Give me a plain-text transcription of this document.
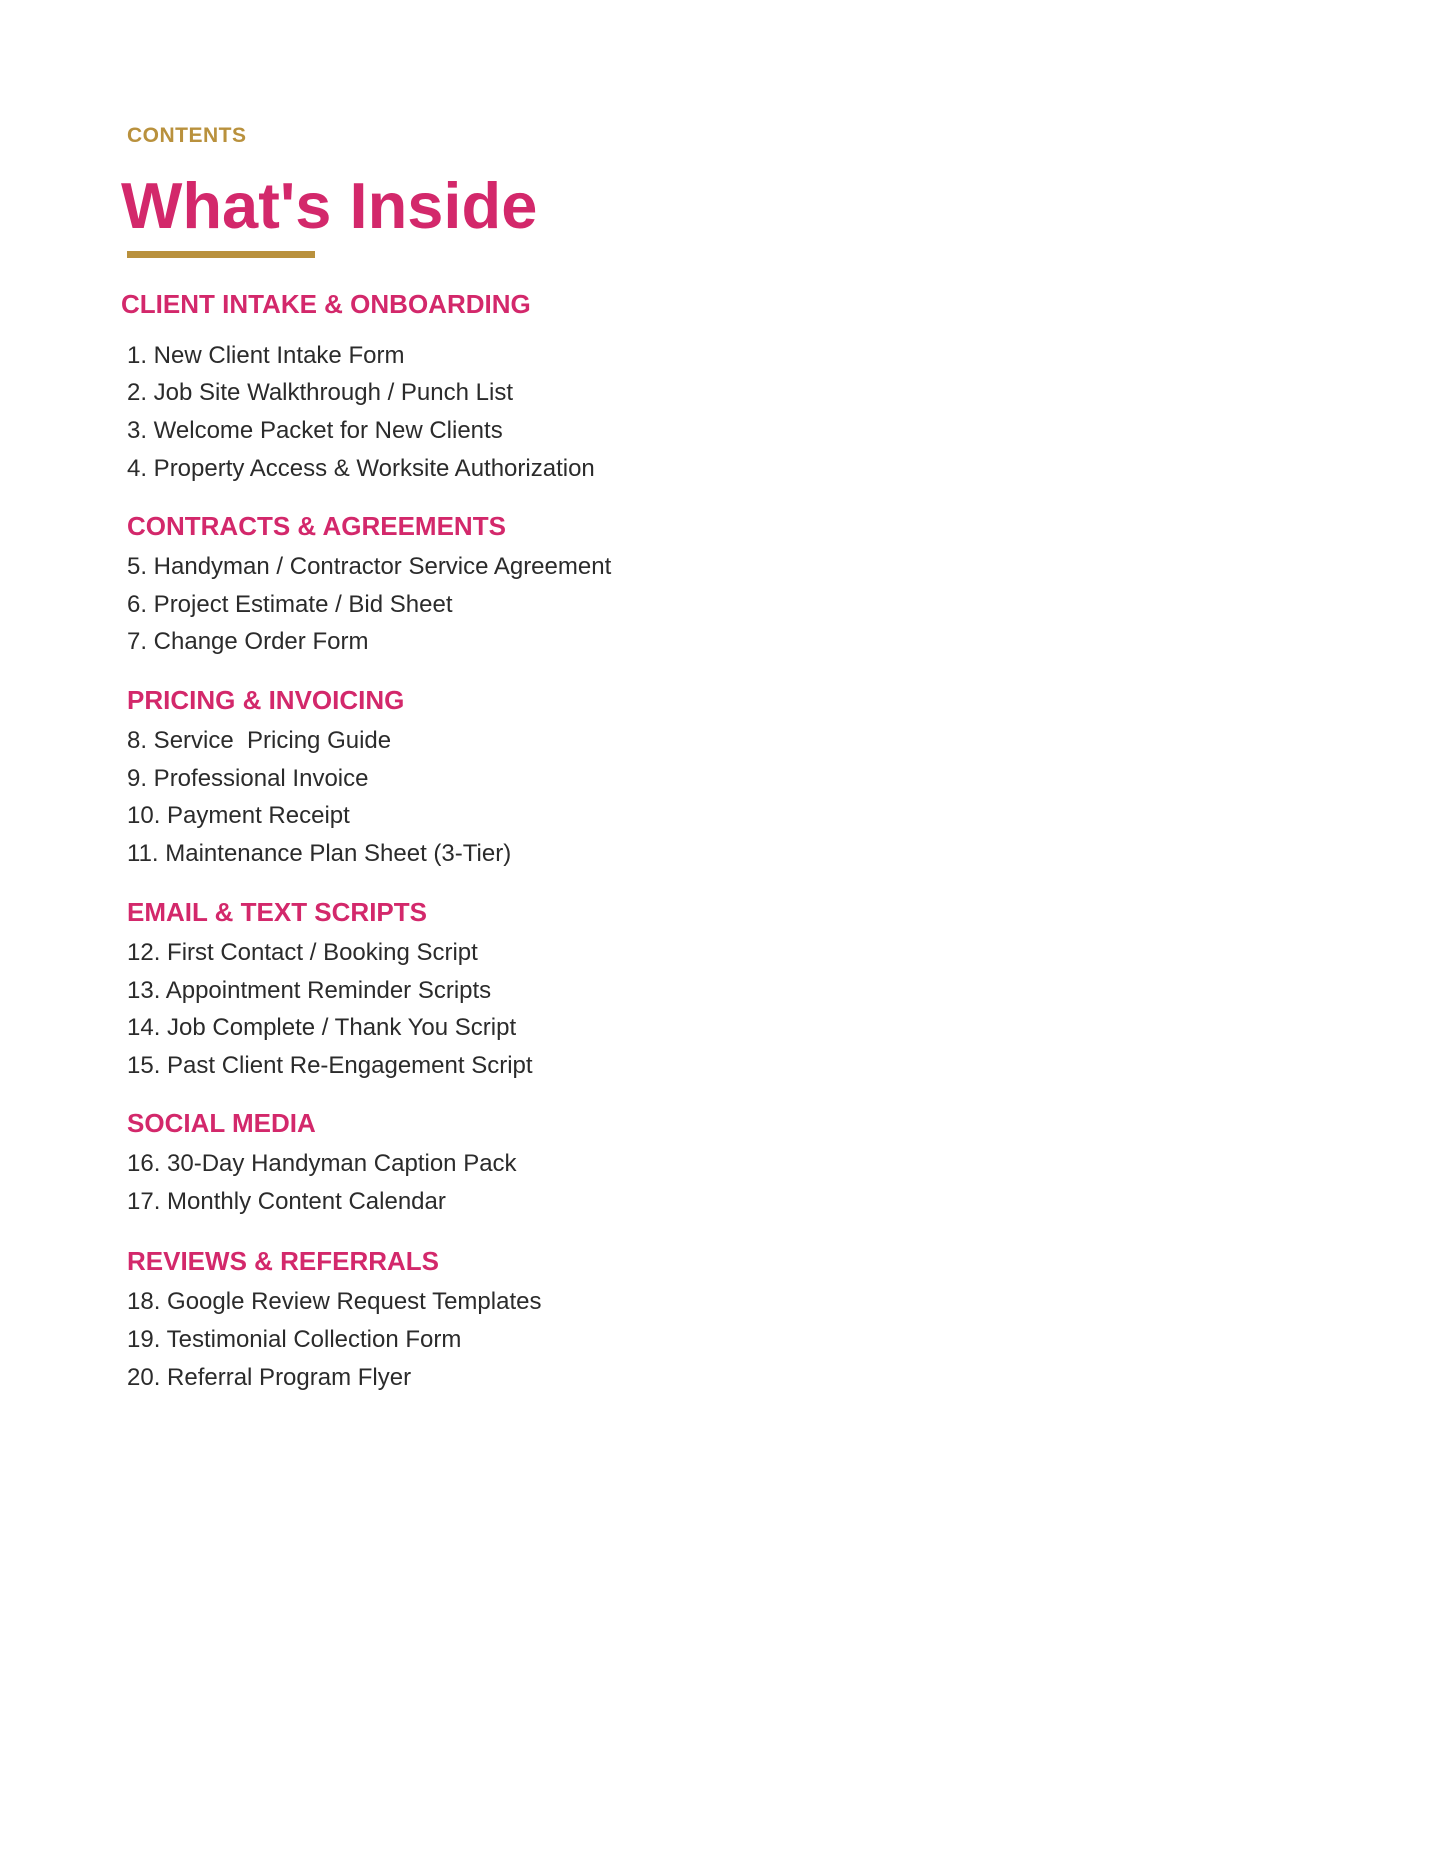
CONTENTS
What's Inside
CLIENT INTAKE & ONBOARDING
1. New Client Intake Form
2. Job Site Walkthrough / Punch List
3. Welcome Packet for New Clients
4. Property Access & Worksite Authorization
CONTRACTS & AGREEMENTS
5. Handyman / Contractor Service Agreement
6. Project Estimate / Bid Sheet
7. Change Order Form
PRICING & INVOICING
8. Service  Pricing Guide
9. Professional Invoice
10. Payment Receipt
11. Maintenance Plan Sheet (3-Tier)
EMAIL & TEXT SCRIPTS
12. First Contact / Booking Script
13. Appointment Reminder Scripts
14. Job Complete / Thank You Script
15. Past Client Re-Engagement Script
SOCIAL MEDIA
16. 30-Day Handyman Caption Pack
17. Monthly Content Calendar
REVIEWS & REFERRALS
18. Google Review Request Templates
19. Testimonial Collection Form
20. Referral Program Flyer
